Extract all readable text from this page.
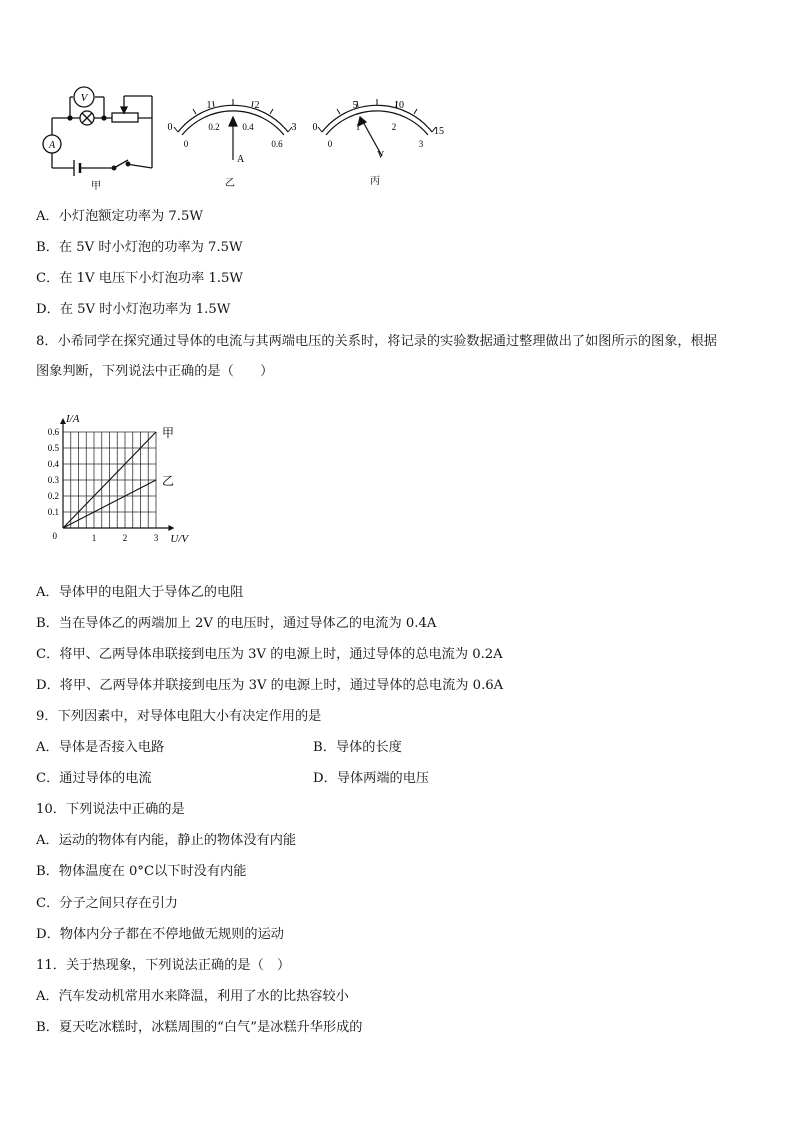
V
A
甲
0
1	2
3
0
0.2	0.4
0.6
A
乙
0
5	10
15
0
1	2
3
V
丙
A．小灯泡额定功率为 7.5W
B．在 5V 时小灯泡的功率为 7.5W
C．在 1V 电压下小灯泡功率 1.5W
D．在 5V 时小灯泡功率为 1.5W
8．小希同学在探究通过导体的电流与其两端电压的关系时，将记录的实验数据通过整理做出了如图所示的图象，根据
图象判断，下列说法中正确的是（　　）
甲
乙
0.1
0.2
0.3
0.4
0.5
0.6
1	2	3
0
I/A
U/V
A．导体甲的电阻大于导体乙的电阻
B．当在导体乙的两端加上 2V 的电压时，通过导体乙的电流为 0.4A
C．将甲、乙两导体串联接到电压为 3V 的电源上时，通过导体的总电流为 0.2A
D．将甲、乙两导体并联接到电压为 3V 的电源上时，通过导体的总电流为 0.6A
9．下列因素中，对导体电阻大小有决定作用的是
A．导体是否接入电路	B．导体的长度
C．通过导体的电流	D．导体两端的电压
10．下列说法中正确的是
A．运动的物体有内能，静止的物体没有内能
B．物体温度在 0°C以下时没有内能
C．分子之间只存在引力
D．物体内分子都在不停地做无规则的运动
11．关于热现象，下列说法正确的是（　）
A．汽车发动机常用水来降温，利用了水的比热容较小
B．夏天吃冰糕时，冰糕周围的“白气”是冰糕升华形成的
